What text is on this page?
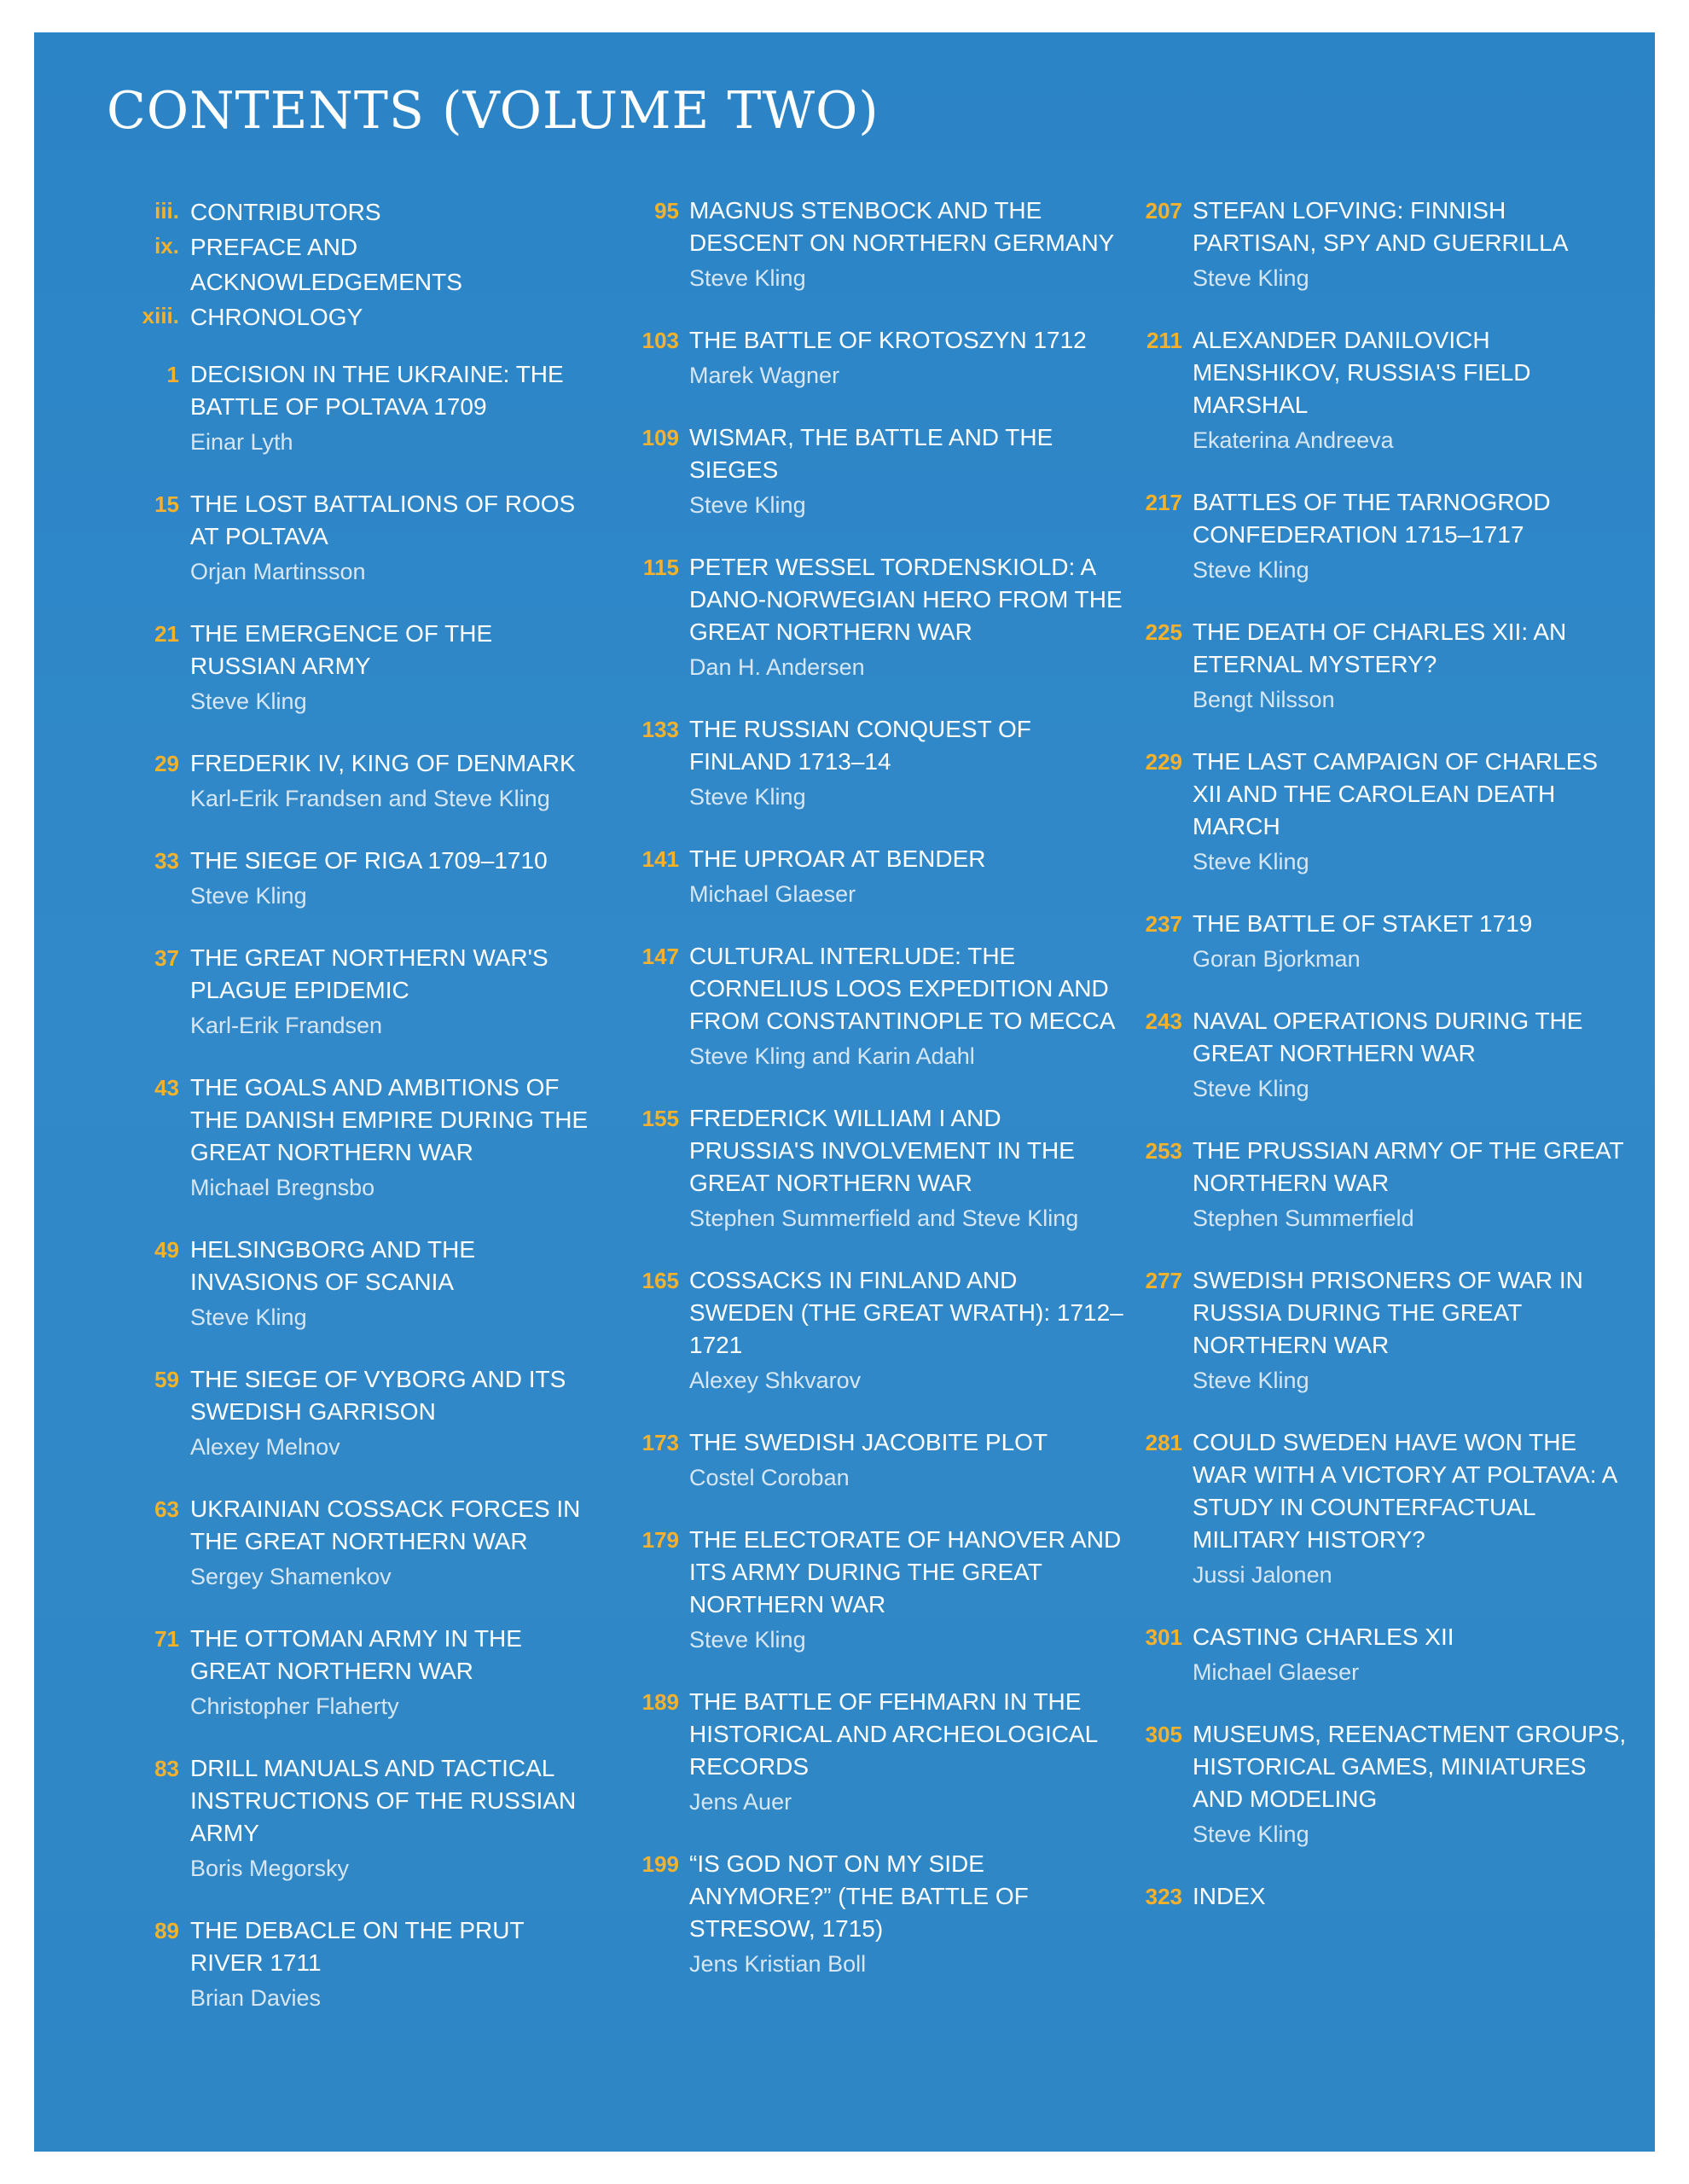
CONTENTS (VOLUME TWO)
iii. CONTRIBUTORS
ix. PREFACE AND ACKNOWLEDGEMENTS
xiii. CHRONOLOGY
1 DECISION IN THE UKRAINE: THE BATTLE OF POLTAVA 1709
Einar Lyth
15 THE LOST BATTALIONS OF ROOS AT POLTAVA
Orjan Martinsson
21 THE EMERGENCE OF THE RUSSIAN ARMY
Steve Kling
29 FREDERIK IV, KING OF DENMARK
Karl-Erik Frandsen and Steve Kling
33 THE SIEGE OF RIGA 1709–1710
Steve Kling
37 THE GREAT NORTHERN WAR'S PLAGUE EPIDEMIC
Karl-Erik Frandsen
43 THE GOALS AND AMBITIONS OF THE DANISH EMPIRE DURING THE GREAT NORTHERN WAR
Michael Bregnsbo
49 HELSINGBORG AND THE INVASIONS OF SCANIA
Steve Kling
59 THE SIEGE OF VYBORG AND ITS SWEDISH GARRISON
Alexey Melnov
63 UKRAINIAN COSSACK FORCES IN THE GREAT NORTHERN WAR
Sergey Shamenkov
71 THE OTTOMAN ARMY IN THE GREAT NORTHERN WAR
Christopher Flaherty
83 DRILL MANUALS AND TACTICAL INSTRUCTIONS OF THE RUSSIAN ARMY
Boris Megorsky
89 THE DEBACLE ON THE PRUT RIVER 1711
Brian Davies
95 MAGNUS STENBOCK AND THE DESCENT ON NORTHERN GERMANY
Steve Kling
103 THE BATTLE OF KROTOSZYN 1712
Marek Wagner
109 WISMAR, THE BATTLE AND THE SIEGES
Steve Kling
115 PETER WESSEL TORDENSKIOLD: A DANO-NORWEGIAN HERO FROM THE GREAT NORTHERN WAR
Dan H. Andersen
133 THE RUSSIAN CONQUEST OF FINLAND 1713–14
Steve Kling
141 THE UPROAR AT BENDER
Michael Glaeser
147 CULTURAL INTERLUDE: THE CORNELIUS LOOS EXPEDITION AND FROM CONSTANTINOPLE TO MECCA
Steve Kling and Karin Adahl
155 FREDERICK WILLIAM I AND PRUSSIA'S INVOLVEMENT IN THE GREAT NORTHERN WAR
Stephen Summerfield and Steve Kling
165 COSSACKS IN FINLAND AND SWEDEN (THE GREAT WRATH): 1712–1721
Alexey Shkvarov
173 THE SWEDISH JACOBITE PLOT
Costel Coroban
179 THE ELECTORATE OF HANOVER AND ITS ARMY DURING THE GREAT NORTHERN WAR
Steve Kling
189 THE BATTLE OF FEHMARN IN THE HISTORICAL AND ARCHEOLOGICAL RECORDS
Jens Auer
199 “IS GOD NOT ON MY SIDE ANYMORE?” (THE BATTLE OF STRESOW, 1715)
Jens Kristian Boll
207 STEFAN LOFVING: FINNISH PARTISAN, SPY AND GUERRILLA
Steve Kling
211 ALEXANDER DANILOVICH MENSHIKOV, RUSSIA'S FIELD MARSHAL
Ekaterina Andreeva
217 BATTLES OF THE TARNOGROD CONFEDERATION 1715–1717
Steve Kling
225 THE DEATH OF CHARLES XII: AN ETERNAL MYSTERY?
Bengt Nilsson
229 THE LAST CAMPAIGN OF CHARLES XII AND THE CAROLEAN DEATH MARCH
Steve Kling
237 THE BATTLE OF STAKET 1719
Goran Bjorkman
243 NAVAL OPERATIONS DURING THE GREAT NORTHERN WAR
Steve Kling
253 THE PRUSSIAN ARMY OF THE GREAT NORTHERN WAR
Stephen Summerfield
277 SWEDISH PRISONERS OF WAR IN RUSSIA DURING THE GREAT NORTHERN WAR
Steve Kling
281 COULD SWEDEN HAVE WON THE WAR WITH A VICTORY AT POLTAVA: A STUDY IN COUNTERFACTUAL MILITARY HISTORY?
Jussi Jalonen
301 CASTING CHARLES XII
Michael Glaeser
305 MUSEUMS, REENACTMENT GROUPS, HISTORICAL GAMES, MINIATURES AND MODELING
Steve Kling
323 INDEX
